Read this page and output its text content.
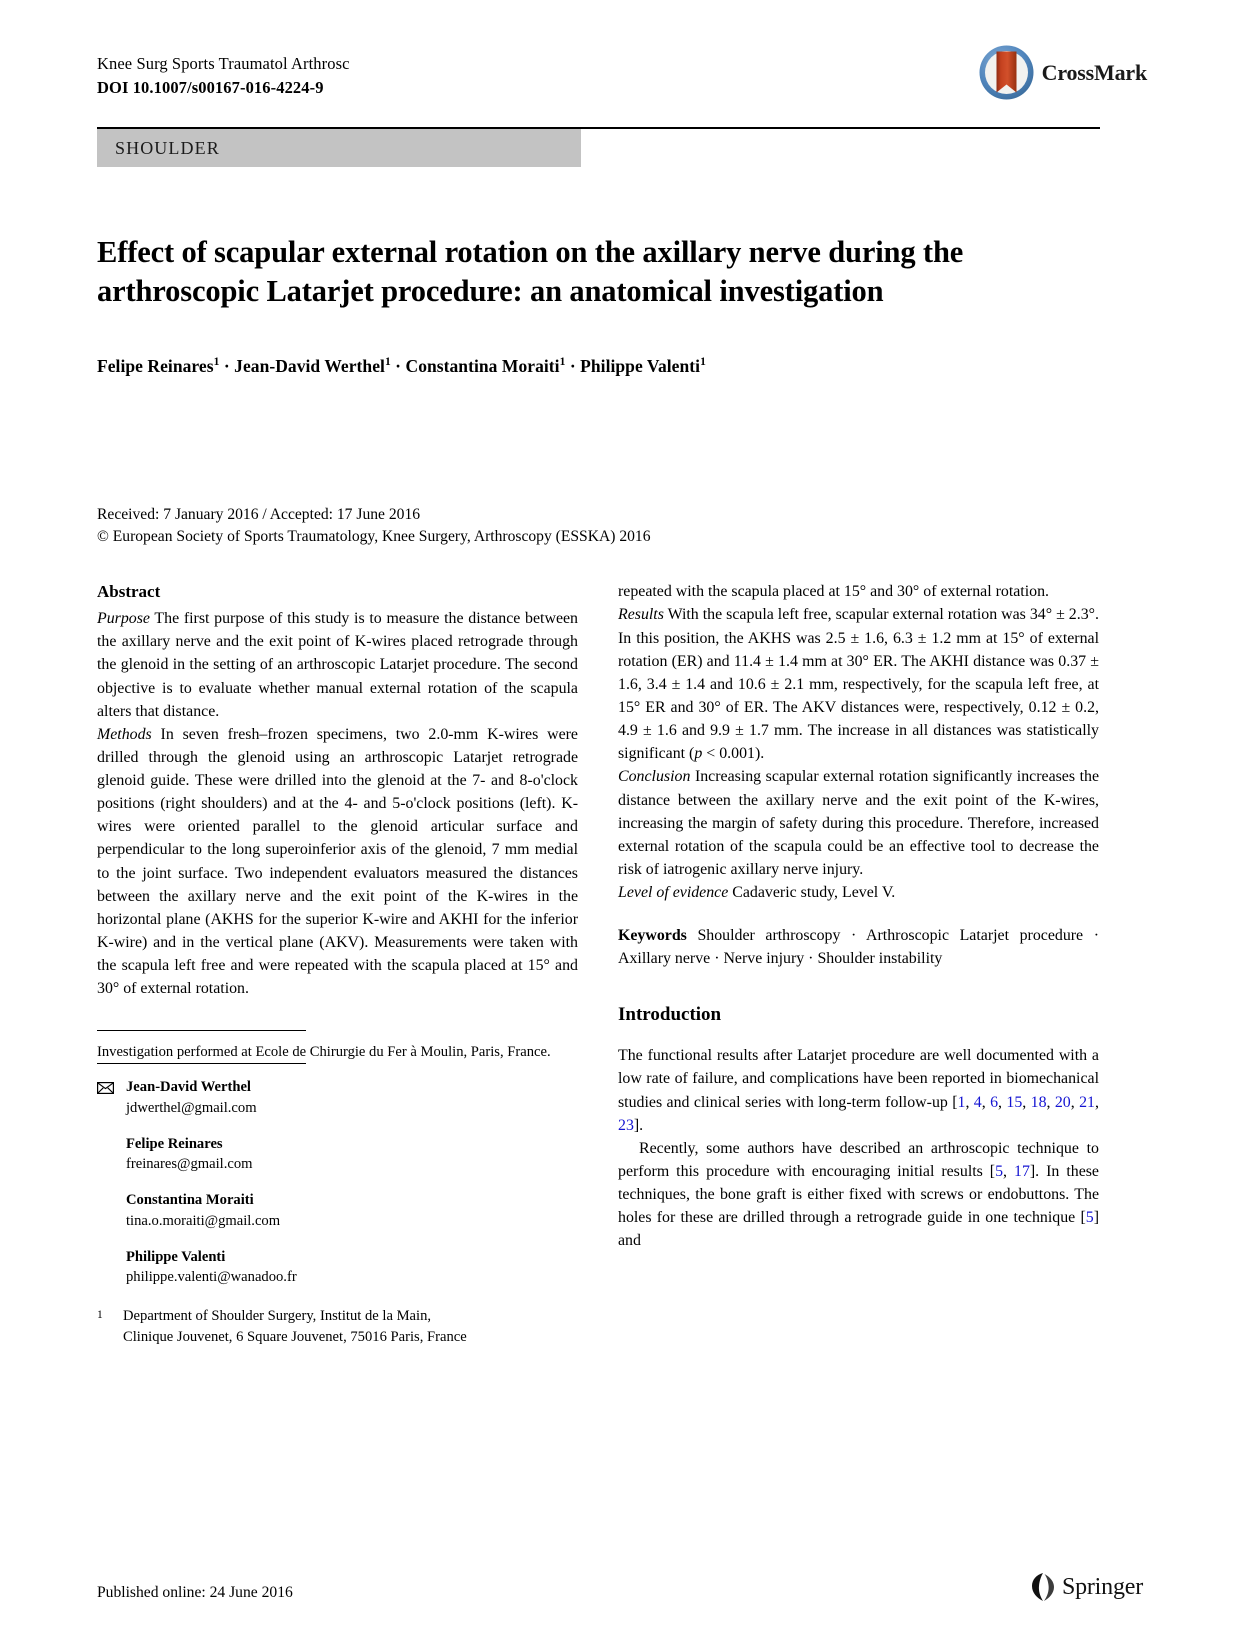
Knee Surg Sports Traumatol Arthrosc
DOI 10.1007/s00167-016-4224-9
CrossMark
SHOULDER
Effect of scapular external rotation on the axillary nerve during the arthroscopic Latarjet procedure: an anatomical investigation
Felipe Reinares$^1$ · Jean-David Werthel$^1$ · Constantina Moraiti$^1$ · Philippe Valenti$^1$
Received: 7 January 2016 / Accepted: 17 June 2016
© European Society of Sports Traumatology, Knee Surgery, Arthroscopy (ESSKA) 2016

Abstract

Purpose The first purpose of this study is to measure the distance between the axillary nerve and the exit point of K-wires placed retrograde through the glenoid in the setting of an arthroscopic Latarjet procedure. The second objective is to evaluate whether manual external rotation of the scapula alters that distance.

Methods In seven fresh–frozen specimens, two 2.0-mm K-wires were drilled through the glenoid using an arthroscopic Latarjet retrograde glenoid guide. These were drilled into the glenoid at the 7- and 8-o'clock positions (right shoulders) and at the 4- and 5-o'clock positions (left). K-wires were oriented parallel to the glenoid articular surface and perpendicular to the long superoinferior axis of the glenoid, 7 mm medial to the joint surface. Two independent evaluators measured the distances between the axillary nerve and the exit point of the K-wires in the horizontal plane (AKHS for the superior K-wire and AKHI for the inferior K-wire) and in the vertical plane (AKV). Measurements were taken with the scapula left free and were repeated with the scapula placed at 15° and 30° of external rotation.

Investigation performed at Ecole de Chirurgie du Fer à Moulin, Paris, France.

Jean-David Werthel
jdwerthel@gmail.com
Felipe Reinares
freinares@gmail.com
Constantina Moraiti
tina.o.moraiti@gmail.com
Philippe Valenti
philippe.valenti@wanadoo.fr
1	Department of Shoulder Surgery, Institut de la Main,
Clinique Jouvenet, 6 Square Jouvenet, 75016 Paris, France

repeated with the scapula placed at 15° and 30° of external rotation.

Results With the scapula left free, scapular external rotation was 34° ± 2.3°. In this position, the AKHS was 2.5 ± 1.6, 6.3 ± 1.2 mm at 15° of external rotation (ER) and 11.4 ± 1.4 mm at 30° ER. The AKHI distance was 0.37 ± 1.6, 3.4 ± 1.4 and 10.6 ± 2.1 mm, respectively, for the scapula left free, at 15° ER and 30° of ER. The AKV distances were, respectively, 0.12 ± 0.2, 4.9 ± 1.6 and 9.9 ± 1.7 mm. The increase in all distances was statistically significant (p < 0.001).

Conclusion Increasing scapular external rotation significantly increases the distance between the axillary nerve and the exit point of the K-wires, increasing the margin of safety during this procedure. Therefore, increased external rotation of the scapula could be an effective tool to decrease the risk of iatrogenic axillary nerve injury.

Level of evidence Cadaveric study, Level V.

Keywords Shoulder arthroscopy · Arthroscopic Latarjet procedure · Axillary nerve · Nerve injury · Shoulder instability

Introduction

The functional results after Latarjet procedure are well documented with a low rate of failure, and complications have been reported in biomechanical studies and clinical series with long-term follow-up [1, 4, 6, 15, 18, 20, 21, 23].

Recently, some authors have described an arthroscopic technique to perform this procedure with encouraging initial results [5, 17]. In these techniques, the bone graft is either fixed with screws or endobuttons. The holes for these are drilled through a retrograde guide in one technique [5] and

Published online: 24 June 2016	Springer
